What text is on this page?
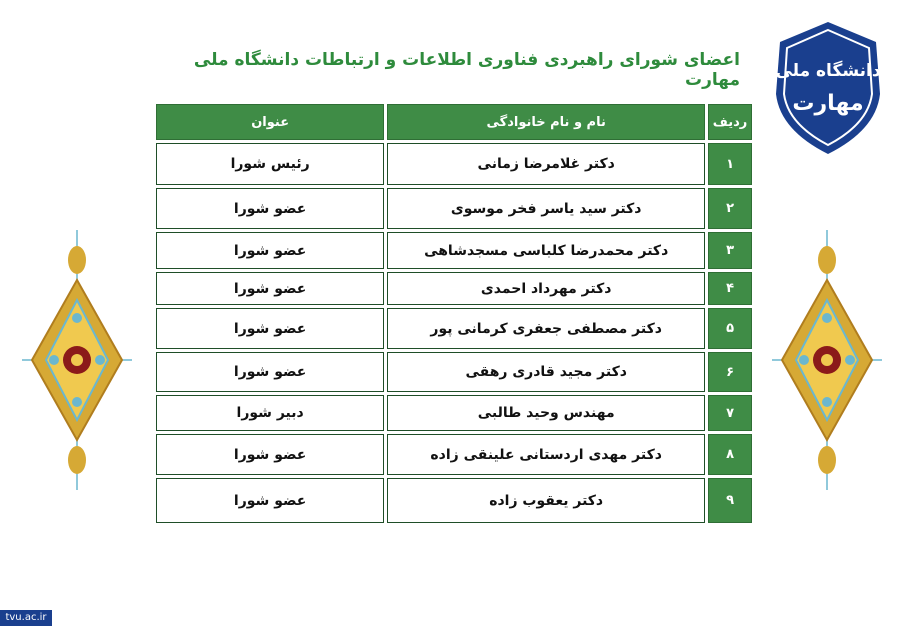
اعضای شورای راهبردی فناوری اطلاعات و ارتباطات دانشگاه ملی مهارت دانشگاه ملی
مهارت
ردیف	نام و نام خانوادگی	عنوان
۱	دکتر غلامرضا زمانی	رئیس شورا
۲	دکتر سید یاسر فخر موسوی	عضو شورا
۳	دکتر محمدرضا کلباسی مسجدشاهی	عضو شورا
۴	دکتر مهرداد احمدی	عضو شورا
۵	دکتر مصطفی جعفری کرمانی پور	عضو شورا
۶	دکتر مجید قادری رهقی	عضو شورا
۷	مهندس وحید طالبی	دبیر شورا
۸	دکتر مهدی اردستانی علینقی زاده	عضو شورا
۹	دکتر یعقوب زاده	عضو شورا
tvu.ac.ir
